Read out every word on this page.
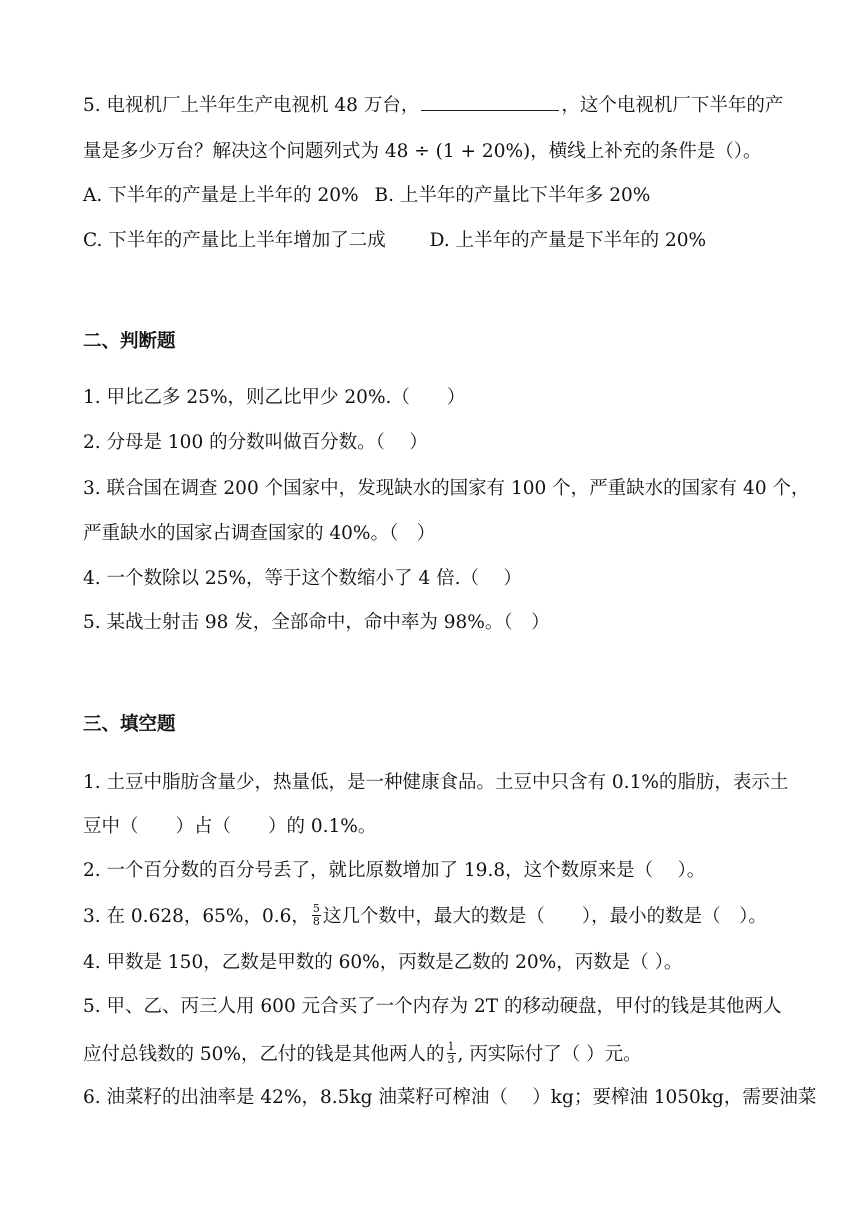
5. 电视机厂上半年生产电视机 48 万台，	，这个电视机厂下半年的产
量是多少万台？解决这个问题列式为 48 ÷ (1 + 20%)，横线上补充的条件是（）。
A. 下半年的产量是上半年的 20% B. 上半年的产量比下半年多 20%
C. 下半年的产量比上半年增加了二成 D. 上半年的产量是下半年的 20%
二、判断题
1. 甲比乙多 25%，则乙比甲少 20%.（　　）
2. 分母是 100 的分数叫做百分数。（　 ）
3. 联合国在调查 200 个国家中，发现缺水的国家有 100 个，严重缺水的国家有 40 个，
严重缺水的国家占调查国家的 40%。（　）
4. 一个数除以 25%，等于这个数缩小了 4 倍.（　 ）
5. 某战士射击 98 发，全部命中，命中率为 98%。（　）
三、填空题
1. 土豆中脂肪含量少，热量低，是一种健康食品。土豆中只含有 0.1%的脂肪，表示土
豆中（　　）占（　　）的 0.1%。
2. 一个百分数的百分号丢了，就比原数增加了 19.8，这个数原来是（　 ）。
3. 在 0.628，65%，0.6， $\frac{5}{8}$ 这几个数中，最大的数是（　　），最小的数是（　）。
4. 甲数是 150，乙数是甲数的 60%，丙数是乙数的 20%，丙数是（ ）。
5. 甲、乙、丙三人用 600 元合买了一个内存为 2T 的移动硬盘，甲付的钱是其他两人
应付总钱数的 50%，乙付的钱是其他两人的 $\frac{1}{3}$ , 丙实际付了（ ）元。
6. 油菜籽的出油率是 42%，8.5kg 油菜籽可榨油（　 ）kg；要榨油 1050kg，需要油菜
